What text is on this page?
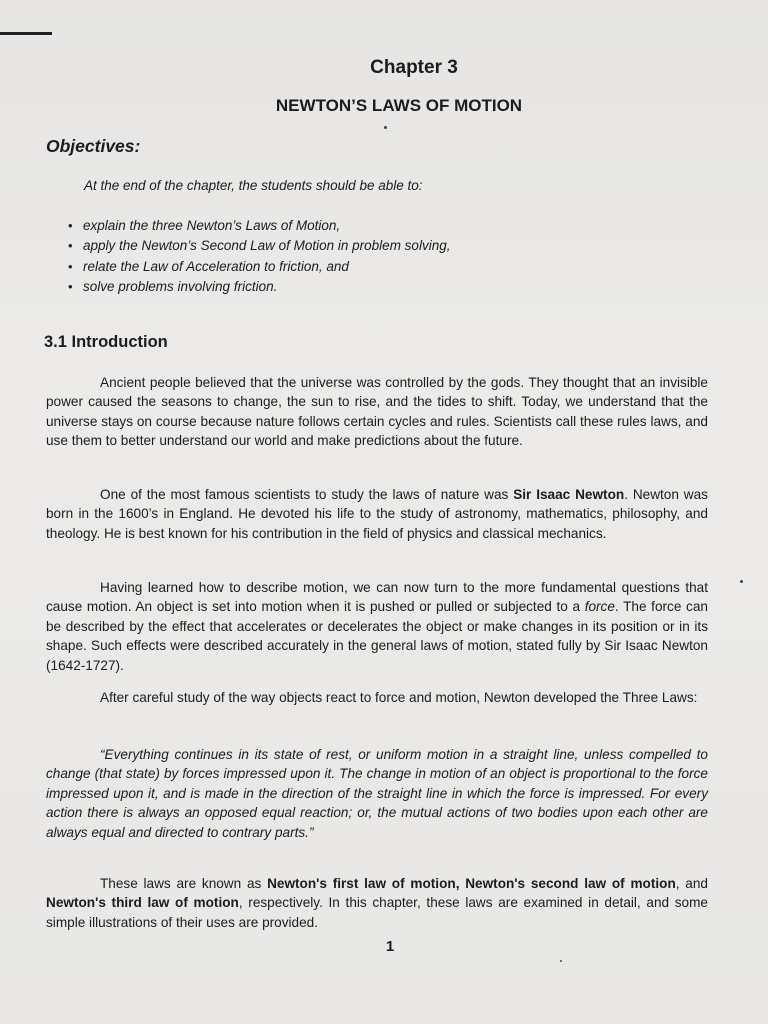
Chapter 3
NEWTON’S LAWS OF MOTION
Objectives:
At the end of the chapter, the students should be able to:
• explain the three Newton’s Laws of Motion,
• apply the Newton’s Second Law of Motion in problem solving,
• relate the Law of Acceleration to friction, and
• solve problems involving friction.
3.1 Introduction

Ancient people believed that the universe was controlled by the gods. They thought that an invisible power caused the seasons to change, the sun to rise, and the tides to shift. Today, we understand that the universe stays on course because nature follows certain cycles and rules. Scientists call these rules laws, and use them to better understand our world and make predictions about the future.

One of the most famous scientists to study the laws of nature was Sir Isaac Newton. Newton was born in the 1600’s in England. He devoted his life to the study of astronomy, mathematics, philosophy, and theology. He is best known for his contribution in the field of physics and classical mechanics.

Having learned how to describe motion, we can now turn to the more fundamental questions that cause motion. An object is set into motion when it is pushed or pulled or subjected to a force. The force can be described by the effect that accelerates or decelerates the object or make changes in its position or in its shape. Such effects were described accurately in the general laws of motion, stated fully by Sir Isaac Newton (1642-1727).

After careful study of the way objects react to force and motion, Newton developed the Three Laws:

“Everything continues in its state of rest, or uniform motion in a straight line, unless compelled to change (that state) by forces impressed upon it. The change in motion of an object is proportional to the force impressed upon it, and is made in the direction of the straight line in which the force is impressed. For every action there is always an opposed equal reaction; or, the mutual actions of two bodies upon each other are always equal and directed to contrary parts.”

These laws are known as Newton's first law of motion, Newton's second law of motion, and Newton's third law of motion, respectively. In this chapter, these laws are examined in detail, and some simple illustrations of their uses are provided.

1
